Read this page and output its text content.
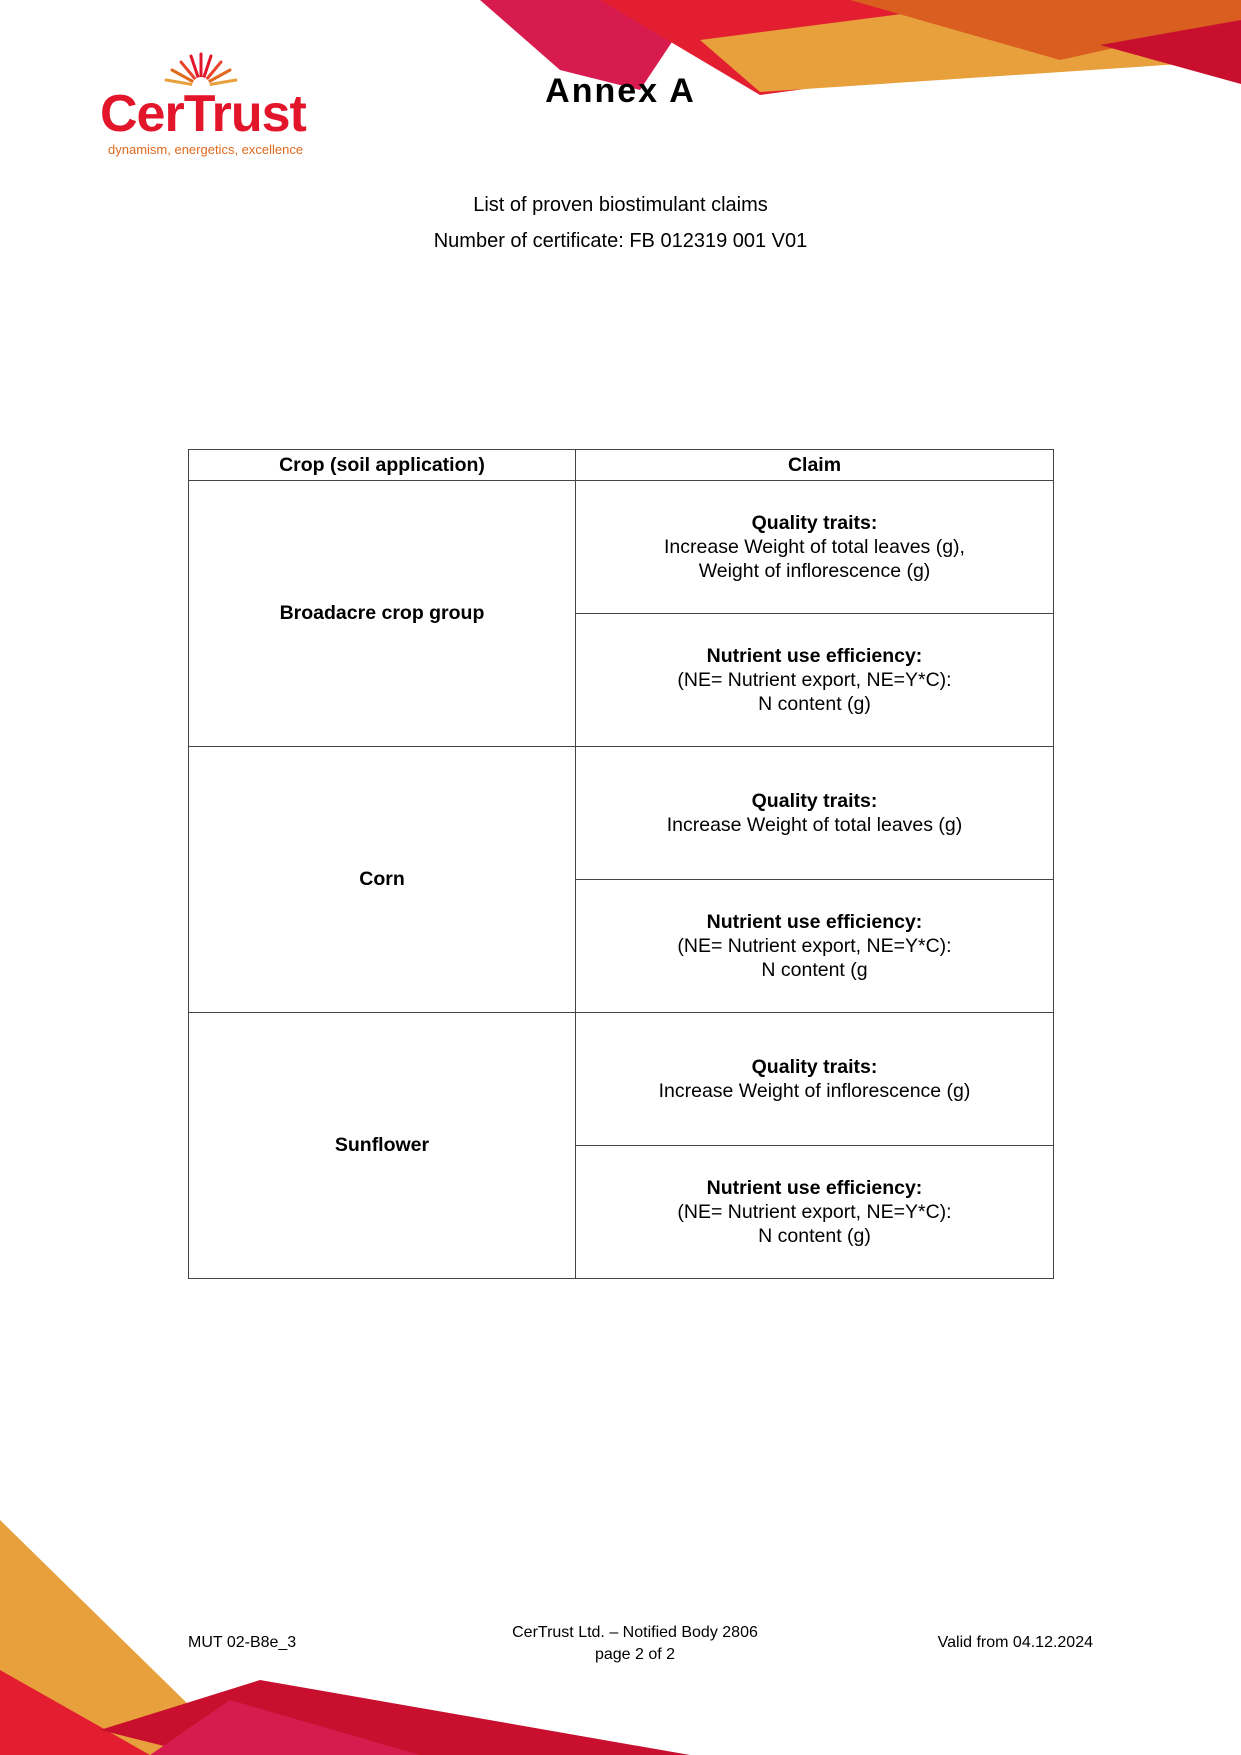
CerTrust
dynamism, energetics, excellence
Annex A
List of proven biostimulant claims
Number of certificate: FB 012319 001 V01
Crop (soil application)	Claim
Broadacre crop group	Quality traits:
Increase Weight of total leaves (g),
Weight of inflorescence (g)

	Nutrient use efficiency:
(NE= Nutrient export, NE=Y*C):
N content (g)

Corn	Quality traits:
Increase Weight of total leaves (g)

	Nutrient use efficiency:
(NE= Nutrient export, NE=Y*C):
N content (g

Sunflower	Quality traits:
Increase Weight of inflorescence (g)

	Nutrient use efficiency:
(NE= Nutrient export, NE=Y*C):
N content (g)
MUT 02-B8e_3
CerTrust Ltd. – Notified Body 2806
page 2 of 2
Valid from 04.12.2024
